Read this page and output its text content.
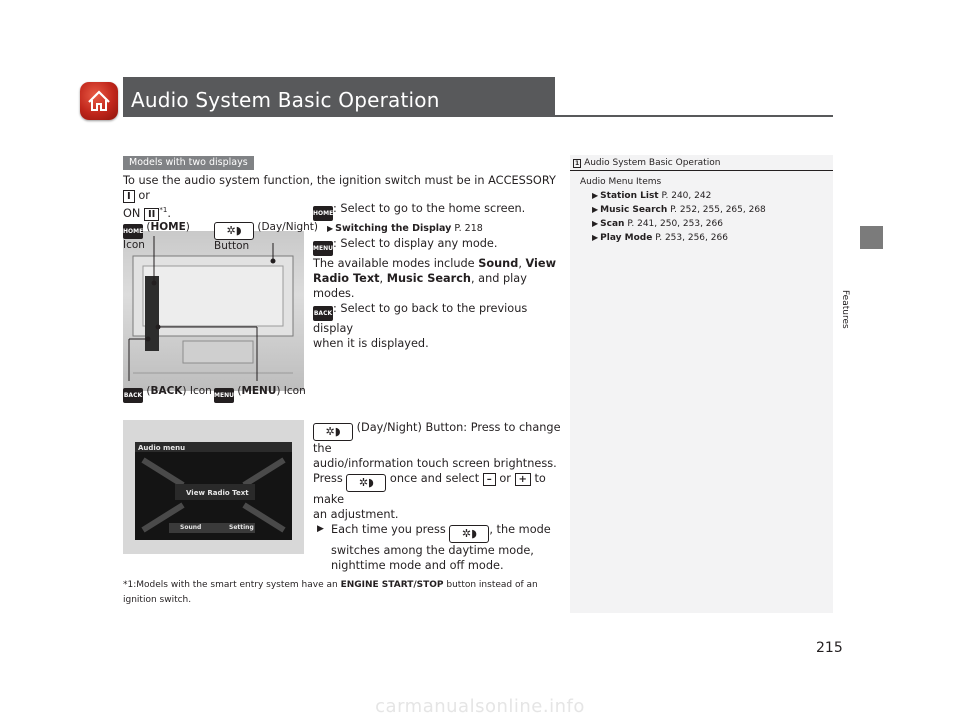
Audio System Basic Operation
Models with two displays
To use the audio system function, the ignition switch must be in ACCESSORY I or
ON II $^{*1}$.
HOME (HOME)
Icon
✲◗ (Day/Night)
Button
BACK (BACK) Icon MENU (MENU) Icon
HOME: Select to go to the home screen.
▶ Switching the Display P. 218
MENU: Select to display any mode.
The available modes include Sound, View
Radio Text, Music Search, and play modes.
BACK: Select to go back to the previous display
when it is displayed.
Audio menu
View Radio Text
Sound	Setting
✲◗ (Day/Night) Button: Press to change the
audio/information touch screen brightness.
Press ✲◗ once and select – or + to make
an adjustment.
▶ Each time you press ✲◗ , the mode
switches among the daytime mode,
nighttime mode and off mode.
*1:Models with the smart entry system have an ENGINE START/STOP button instead of an
ignition switch.
1 Audio System Basic Operation
Audio Menu Items
▶ Station List P. 240, 242
▶ Music Search P. 252, 255, 265, 268
▶ Scan P. 241, 250, 253, 266
▶ Play Mode P. 253, 256, 266
Features
215
carmanualsonline.info
